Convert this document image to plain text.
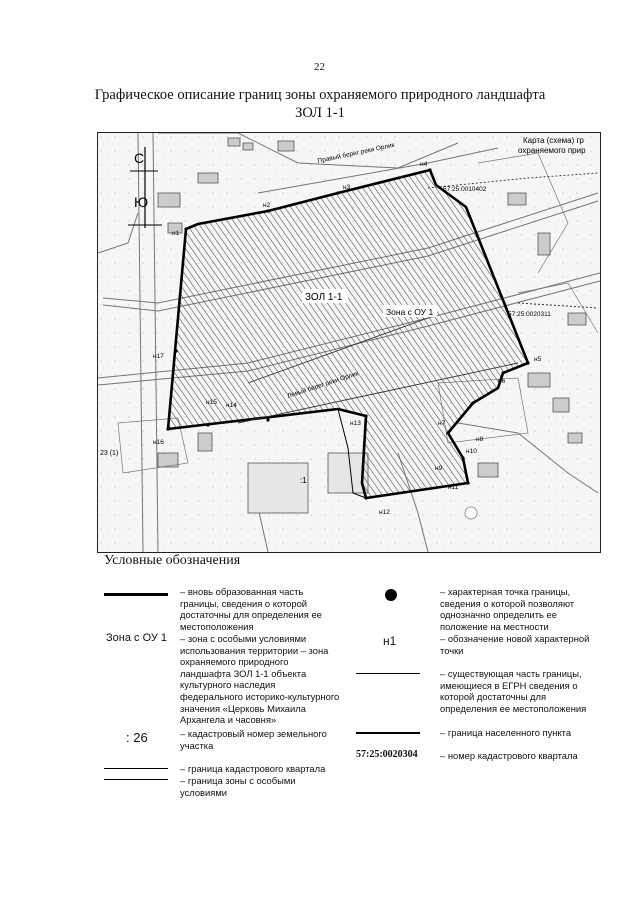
22
Графическое описание границ зоны охраняемого природного ландшафта
ЗОЛ 1-1
С
Ю
ЗОЛ 1-1
Зона с ОУ 1
Карта (схема) гр
охраняемого прир
57:25:0010402
57:25:0020311
Левый берег реки Орлик
Правый берег реки Орлик
:1
23 (1)
н1
н2
н3
н4
н5
н6
н7
н8
н9
н10
н11
н12
н13
н14
н15
н16
н17
Условные обозначения
– вновь образованная часть границы, сведения о которой достаточны для определения ее местоположения
Зона с ОУ 1 – зона с особыми условиями использования территории – зона охраняемого природного ландшафта ЗОЛ 1-1 объекта культурного наследия федерального историко-культурного значения «Церковь Михаила Архангела и часовня»
: 26	– кадастровый номер земельного участка
– граница кадастрового квартала
– граница зоны с особыми условиями
– характерная точка границы, сведения о которой позволяют однозначно определить ее положение на местности
н1	– обозначение новой характерной точки
– существующая часть границы, имеющиеся в ЕГРН сведения о которой достаточны для определения ее местоположения
– граница населенного пункта
57:25:0020304 – номер кадастрового квартала
